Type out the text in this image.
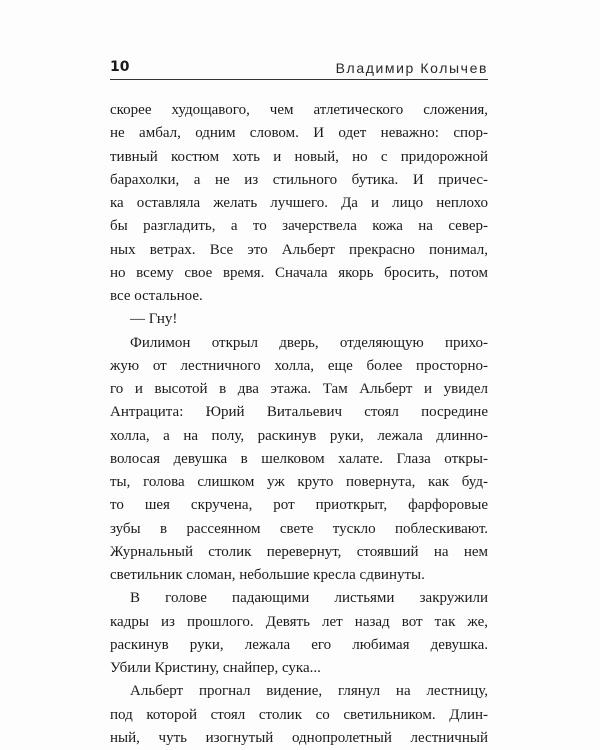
10	Владимир Колычев
скорее худощавого, чем атлетического сложения,
не амбал, одним словом. И одет неважно: спор-
тивный костюм хоть и новый, но с придорожной
барахолки, а не из стильного бутика. И причес-
ка оставляла желать лучшего. Да и лицо неплохо
бы разгладить, а то зачерствела кожа на север-
ных ветрах. Все это Альберт прекрасно понимал,
но всему свое время. Сначала якорь бросить, потом
все остальное.
— Гну!
Филимон открыл дверь, отделяющую прихо-
жую от лестничного холла, еще более просторно-
го и высотой в два этажа. Там Альберт и увидел
Антрацита: Юрий Витальевич стоял посредине
холла, а на полу, раскинув руки, лежала длинно-
волосая девушка в шелковом халате. Глаза откры-
ты, голова слишком уж круто повернута, как буд-
то шея скручена, рот приоткрыт, фарфоровые
зубы в рассеянном свете тускло поблескивают.
Журнальный столик перевернут, стоявший на нем
светильник сломан, небольшие кресла сдвинуты.
В голове падающими листьями закружили
кадры из прошлого. Девять лет назад вот так же,
раскинув руки, лежала его любимая девушка.
Убили Кристину, снайпер, сука...
Альберт прогнал видение, глянул на лестницу,
под которой стоял столик со светильником. Длин-
ный, чуть изогнутый однопролетный лестничный
